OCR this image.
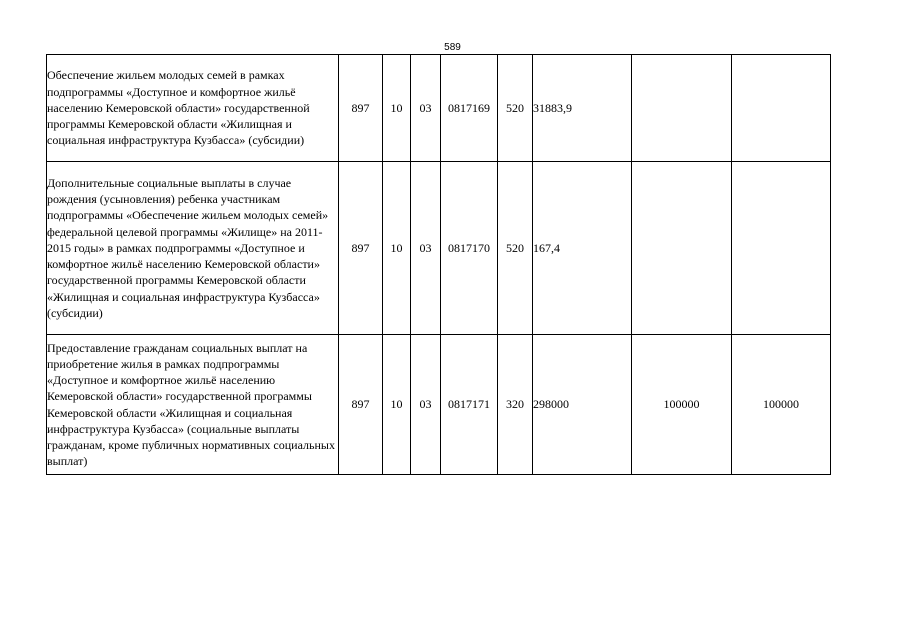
589
Обеспечение жильем молодых семей в рамках подпрограммы «Доступное и комфортное жильё населению Кемеровской области» государственной программы Кемеровской области «Жилищная и социальная инфраструктура Кузбасса» (субсидии)	897	10	03	0817169	520	31883,9		
Дополнительные социальные выплаты в случае рождения (усыновления) ребенка участникам подпрограммы «Обеспечение жильем молодых семей» федеральной целевой программы «Жилище» на 2011-2015 годы» в рамках подпрограммы «Доступное и комфортное жильё населению Кемеровской области» государственной программы Кемеровской области «Жилищная и социальная инфраструктура Кузбасса» (субсидии)	897	10	03	0817170	520	167,4		
Предоставление гражданам социальных выплат на приобретение жилья в рамках подпрограммы «Доступное и комфортное жильё населению Кемеровской области» государственной программы Кемеровской области «Жилищная и социальная инфраструктура Кузбасса» (социальные выплаты гражданам, кроме публичных нормативных социальных выплат)	897	10	03	0817171	320	298000	100000	100000
